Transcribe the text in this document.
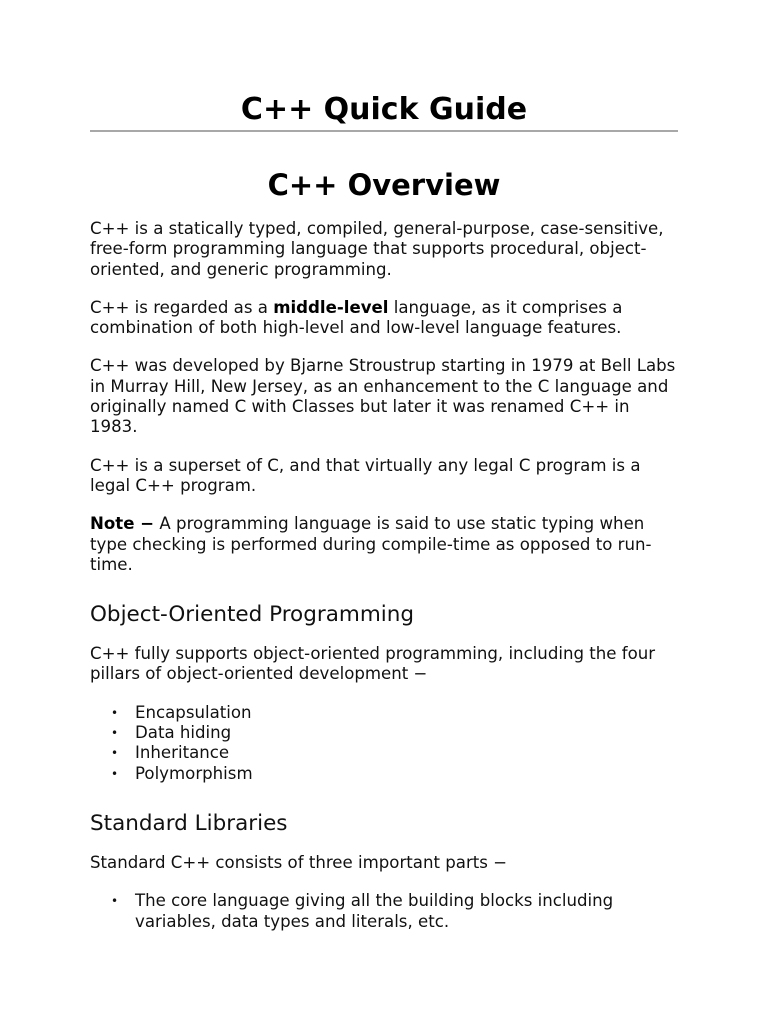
C++ Quick Guide
C++ Overview

C++ is a statically typed, compiled, general-purpose, case-sensitive, free-form programming language that supports procedural, object-oriented, and generic programming.

C++ is regarded as a middle-level language, as it comprises a combination of both high-level and low-level language features.

C++ was developed by Bjarne Stroustrup starting in 1979 at Bell Labs in Murray Hill, New Jersey, as an enhancement to the C language and originally named C with Classes but later it was renamed C++ in 1983.

C++ is a superset of C, and that virtually any legal C program is a legal C++ program.

Note − A programming language is said to use static typing when type checking is performed during compile-time as opposed to run-time.

Object-Oriented Programming

C++ fully supports object-oriented programming, including the four pillars of object-oriented development −

• Encapsulation
• Data hiding
• Inheritance
• Polymorphism
Standard Libraries

Standard C++ consists of three important parts −

• The core language giving all the building blocks including variables, data types and literals, etc.
